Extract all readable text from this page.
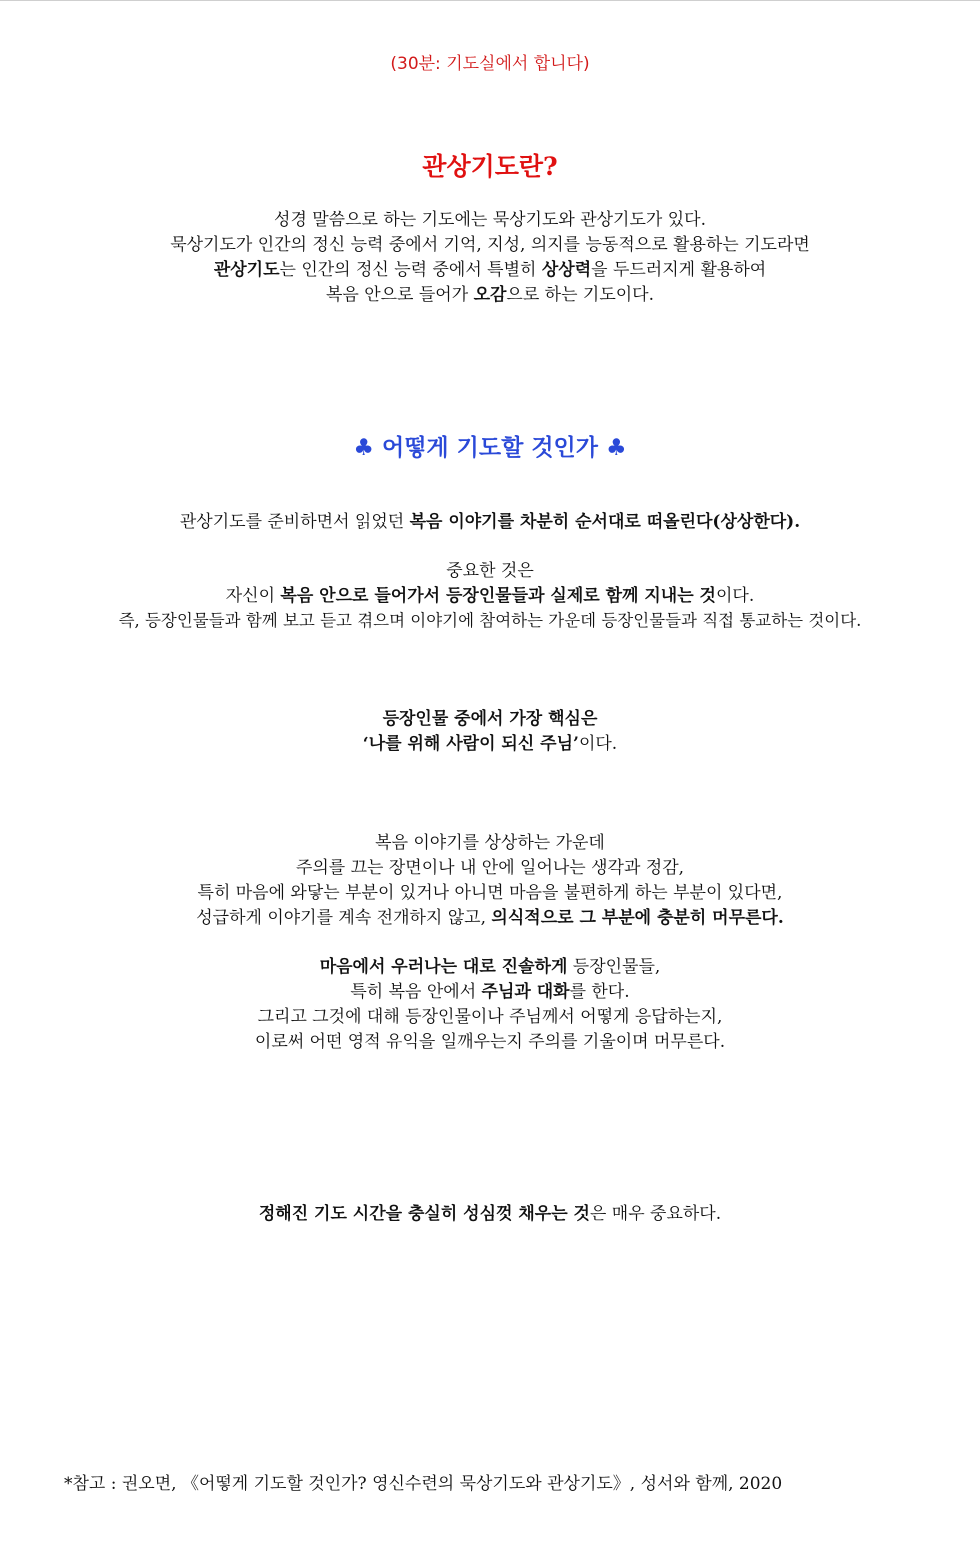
(30분: 기도실에서 합니다)
관상기도란?
성경 말씀으로 하는 기도에는 묵상기도와 관상기도가 있다.
묵상기도가 인간의 정신 능력 중에서 기억, 지성, 의지를 능동적으로 활용하는 기도라면
관상기도는 인간의 정신 능력 중에서 특별히 상상력을 두드러지게 활용하여
복음 안으로 들어가 오감으로 하는 기도이다.
♣ 어떻게 기도할 것인가 ♣
관상기도를 준비하면서 읽었던 복음 이야기를 차분히 순서대로 떠올린다(상상한다).
중요한 것은
자신이 복음 안으로 들어가서 등장인물들과 실제로 함께 지내는 것이다.
즉, 등장인물들과 함께 보고 듣고 겪으며 이야기에 참여하는 가운데 등장인물들과 직접 통교하는 것이다.
등장인물 중에서 가장 핵심은
‘나를 위해 사람이 되신 주님’이다.
복음 이야기를 상상하는 가운데
주의를 끄는 장면이나 내 안에 일어나는 생각과 정감,
특히 마음에 와닿는 부분이 있거나 아니면 마음을 불편하게 하는 부분이 있다면,
성급하게 이야기를 계속 전개하지 않고, 의식적으로 그 부분에 충분히 머무른다.
마음에서 우러나는 대로 진솔하게 등장인물들,
특히 복음 안에서 주님과 대화를 한다.
그리고 그것에 대해 등장인물이나 주님께서 어떻게 응답하는지,
이로써 어떤 영적 유익을 일깨우는지 주의를 기울이며 머무른다.
정해진 기도 시간을 충실히 성심껏 채우는 것은 매우 중요하다.
*참고 : 권오면, 《어떻게 기도할 것인가? 영신수련의 묵상기도와 관상기도》, 성서와 함께, 2020
